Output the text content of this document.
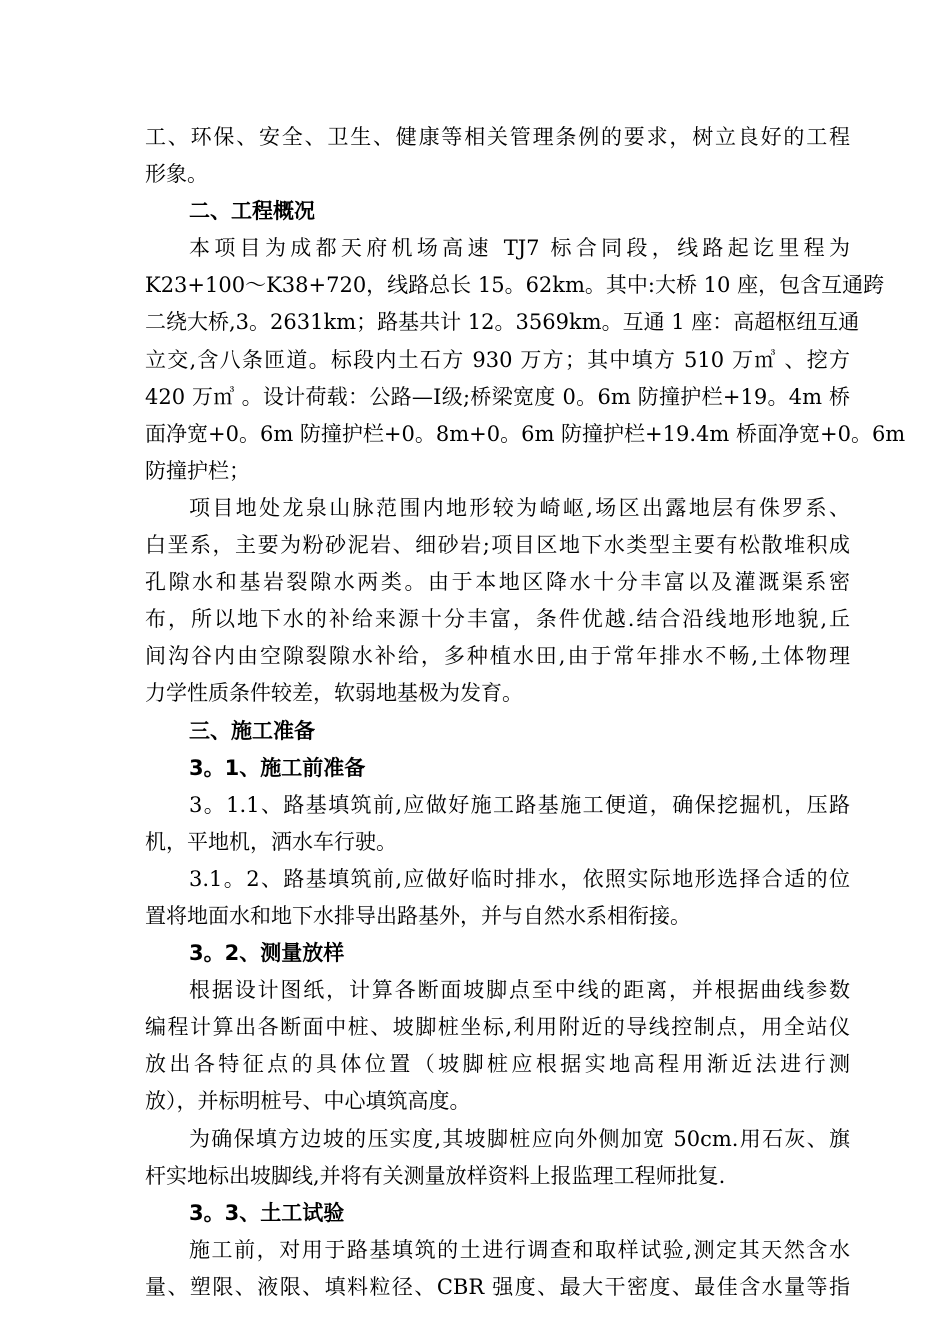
工、环保、安全、卫生、健康等相关管理条例的要求，树立良好的工程
形象。
二、工程概况
本项目为成都天府机场高速 TJ7 标合同段，线路起讫里程为
K23+100～K38+720，线路总长 15。62km。其中:大桥 10 座，包含互通跨
二绕大桥,3。2631km；路基共计 12。3569km。互通 1 座：高超枢纽互通
立交,含八条匝道。标段内土石方 930 万方；其中填方 510 万㎥ 、挖方
420 万㎥ 。设计荷载：公路—Ⅰ级;桥梁宽度 0。6m 防撞护栏+19。4m 桥
面净宽+0。6m 防撞护栏+0。8m+0。6m 防撞护栏+19.4m 桥面净宽+0。6m
防撞护栏；
项目地处龙泉山脉范围内地形较为崎岖,场区出露地层有侏罗系、
白垩系，主要为粉砂泥岩、细砂岩;项目区地下水类型主要有松散堆积成
孔隙水和基岩裂隙水两类。由于本地区降水十分丰富以及灌溉渠系密
布，所以地下水的补给来源十分丰富，条件优越.结合沿线地形地貌,丘
间沟谷内由空隙裂隙水补给，多种植水田,由于常年排水不畅,土体物理
力学性质条件较差，软弱地基极为发育。
三、施工准备
3。1、施工前准备
3。1.1、路基填筑前,应做好施工路基施工便道，确保挖掘机，压路
机，平地机，洒水车行驶。
3.1。2、路基填筑前,应做好临时排水，依照实际地形选择合适的位
置将地面水和地下水排导出路基外，并与自然水系相衔接。
3。2、测量放样
根据设计图纸，计算各断面坡脚点至中线的距离，并根据曲线参数
编程计算出各断面中桩、坡脚桩坐标,利用附近的导线控制点，用全站仪
放出各特征点的具体位置（坡脚桩应根据实地高程用渐近法进行测
放），并标明桩号、中心填筑高度。
为确保填方边坡的压实度,其坡脚桩应向外侧加宽 50cm.用石灰、旗
杆实地标出坡脚线,并将有关测量放样资料上报监理工程师批复.
3。3、土工试验
施工前，对用于路基填筑的土进行调查和取样试验,测定其天然含水
量、塑限、液限、填料粒径、CBR 强度、最大干密度、最佳含水量等指
